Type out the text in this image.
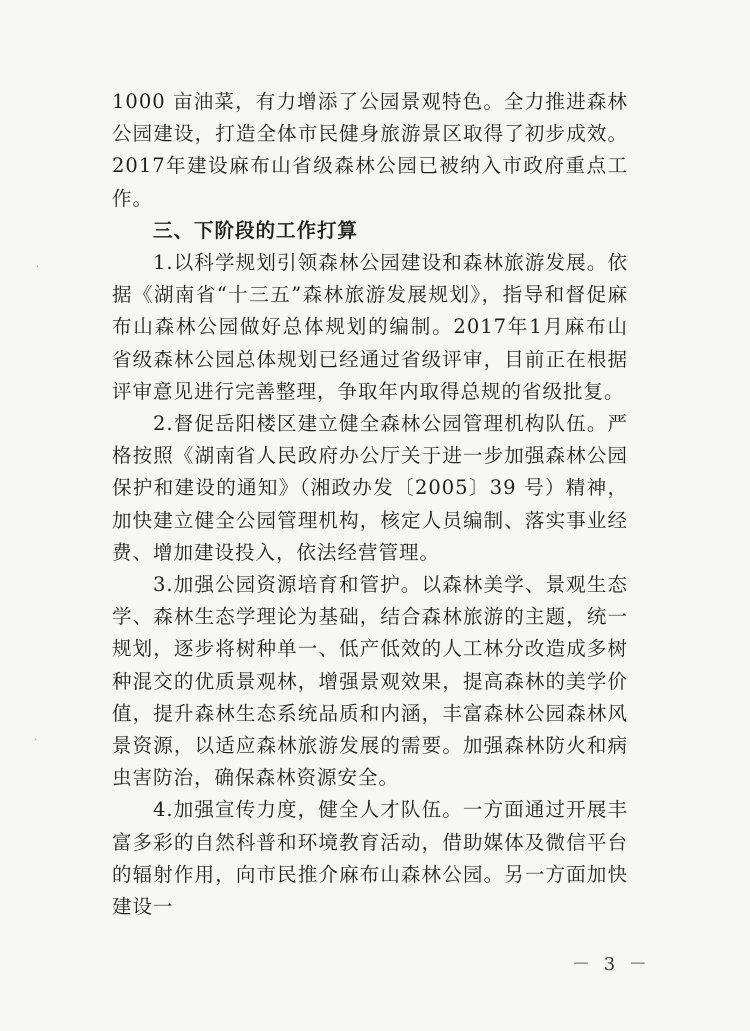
1000 亩油菜，有力增添了公园景观特色。全力推进森林公园建设，打造全体市民健身旅游景区取得了初步成效。2017年建设麻布山省级森林公园已被纳入市政府重点工作。

三、下阶段的工作打算

1.以科学规划引领森林公园建设和森林旅游发展。依据《湖南省“十三五”森林旅游发展规划》，指导和督促麻布山森林公园做好总体规划的编制。2017年1月麻布山省级森林公园总体规划已经通过省级评审，目前正在根据评审意见进行完善整理，争取年内取得总规的省级批复。

2.督促岳阳楼区建立健全森林公园管理机构队伍。严格按照《湖南省人民政府办公厅关于进一步加强森林公园保护和建设的通知》（湘政办发〔2005〕39 号）精神，加快建立健全公园管理机构，核定人员编制、落实事业经费、增加建设投入，依法经营管理。

3.加强公园资源培育和管护。以森林美学、景观生态学、森林生态学理论为基础，结合森林旅游的主题，统一规划，逐步将树种单一、低产低效的人工林分改造成多树种混交的优质景观林，增强景观效果，提高森林的美学价值，提升森林生态系统品质和内涵，丰富森林公园森林风景资源，以适应森林旅游发展的需要。加强森林防火和病虫害防治，确保森林资源安全。

4.加强宣传力度，健全人才队伍。一方面通过开展丰富多彩的自然科普和环境教育活动，借助媒体及微信平台的辐射作用，向市民推介麻布山森林公园。另一方面加快建设一

－ 3 －
·
·
